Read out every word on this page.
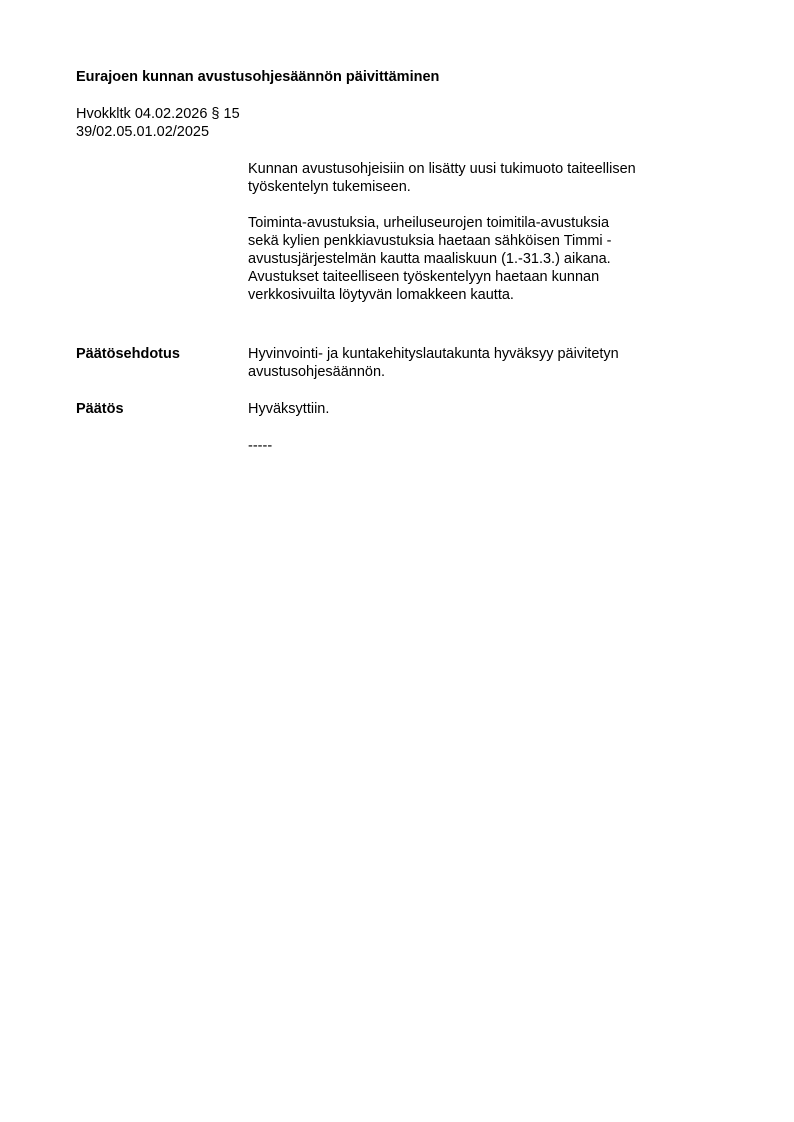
Eurajoen kunnan avustusohjesäännön päivittäminen
Hvokkltk 04.02.2026 § 15
39/02.05.01.02/2025
Kunnan avustusohjeisiin on lisätty uusi tukimuoto taiteellisen
työskentelyn tukemiseen.
Toiminta-avustuksia, urheiluseurojen toimitila-avustuksia
sekä kylien penkkiavustuksia haetaan sähköisen Timmi -
avustusjärjestelmän kautta maaliskuun (1.-31.3.) aikana.
Avustukset taiteelliseen työskentelyyn haetaan kunnan
verkkosivuilta löytyvän lomakkeen kautta.
Päätösehdotus	Hyvinvointi- ja kuntakehityslautakunta hyväksyy päivitetyn
avustusohjesäännön.
Päätös	Hyväksyttiin.
-----
